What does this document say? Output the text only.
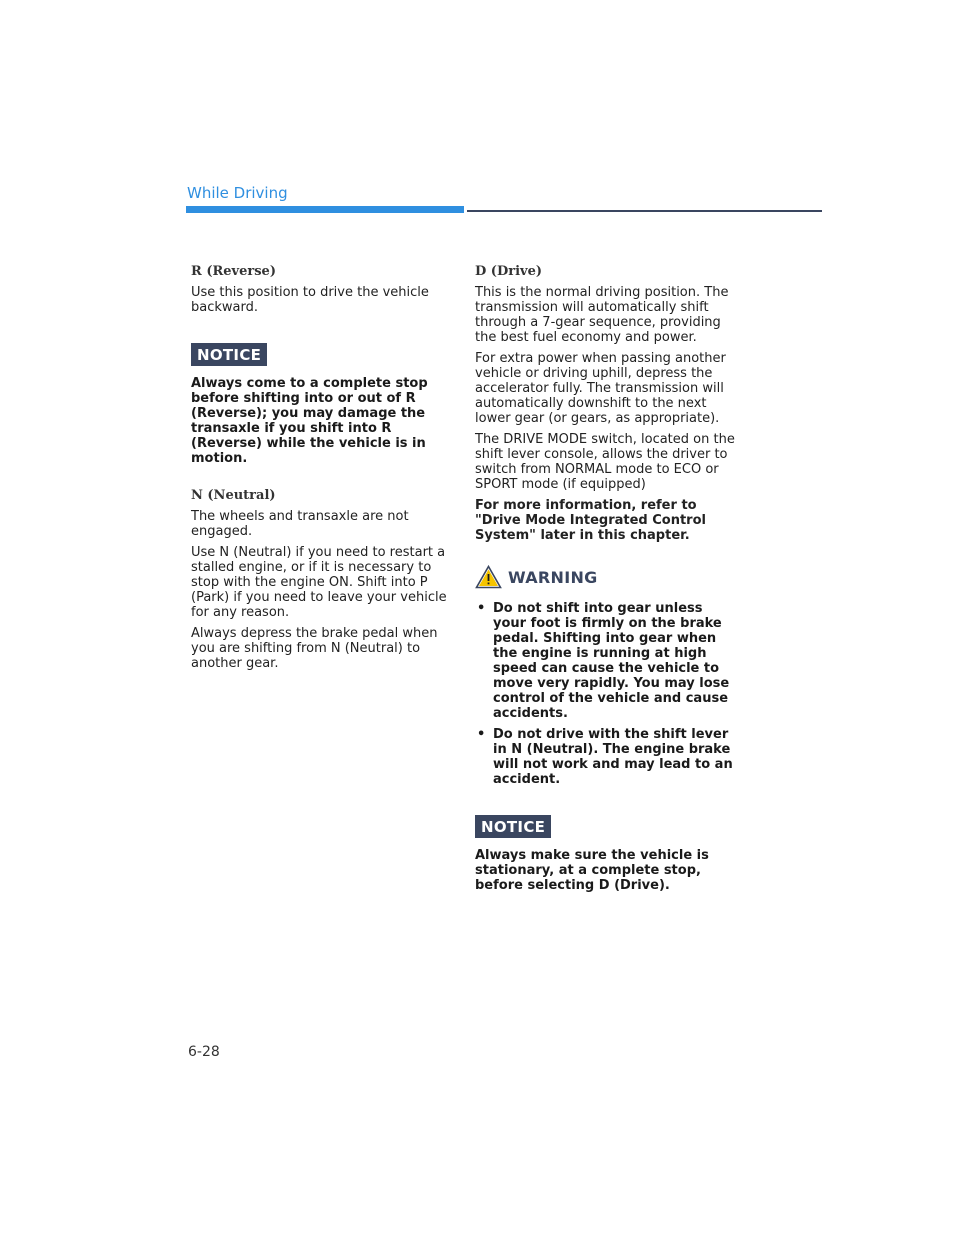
While Driving
R (Reverse)

Use this position to drive the vehicle backward.

NOTICE
Always come to a complete stop before shifting into or out of R (Reverse); you may damage the transaxle if you shift into R (Reverse) while the vehicle is in motion.
N (Neutral)

The wheels and transaxle are not engaged.

Use N (Neutral) if you need to restart a stalled engine, or if it is necessary to stop with the engine ON. Shift into P (Park) if you need to leave your vehicle for any reason.

Always depress the brake pedal when you are shifting from N (Neutral) to another gear.

D (Drive)

This is the normal driving position. The transmission will automatically shift through a 7-gear sequence, providing the best fuel economy and power.

For extra power when passing another vehicle or driving uphill, depress the accelerator fully. The transmission will automatically downshift to the next lower gear (or gears, as appropriate).

The DRIVE MODE switch, located on the shift lever console, allows the driver to switch from NORMAL mode to ECO or SPORT mode (if equipped)

For more information, refer to "Drive Mode Integrated Control System" later in this chapter.

WARNING
• Do not shift into gear unless your foot is firmly on the brake pedal. Shifting into gear when the engine is running at high speed can cause the vehicle to move very rapidly. You may lose control of the vehicle and cause accidents.
• Do not drive with the shift lever in N (Neutral). The engine brake will not work and may lead to an accident.
NOTICE
Always make sure the vehicle is stationary, at a complete stop, before selecting D (Drive).
6-28
